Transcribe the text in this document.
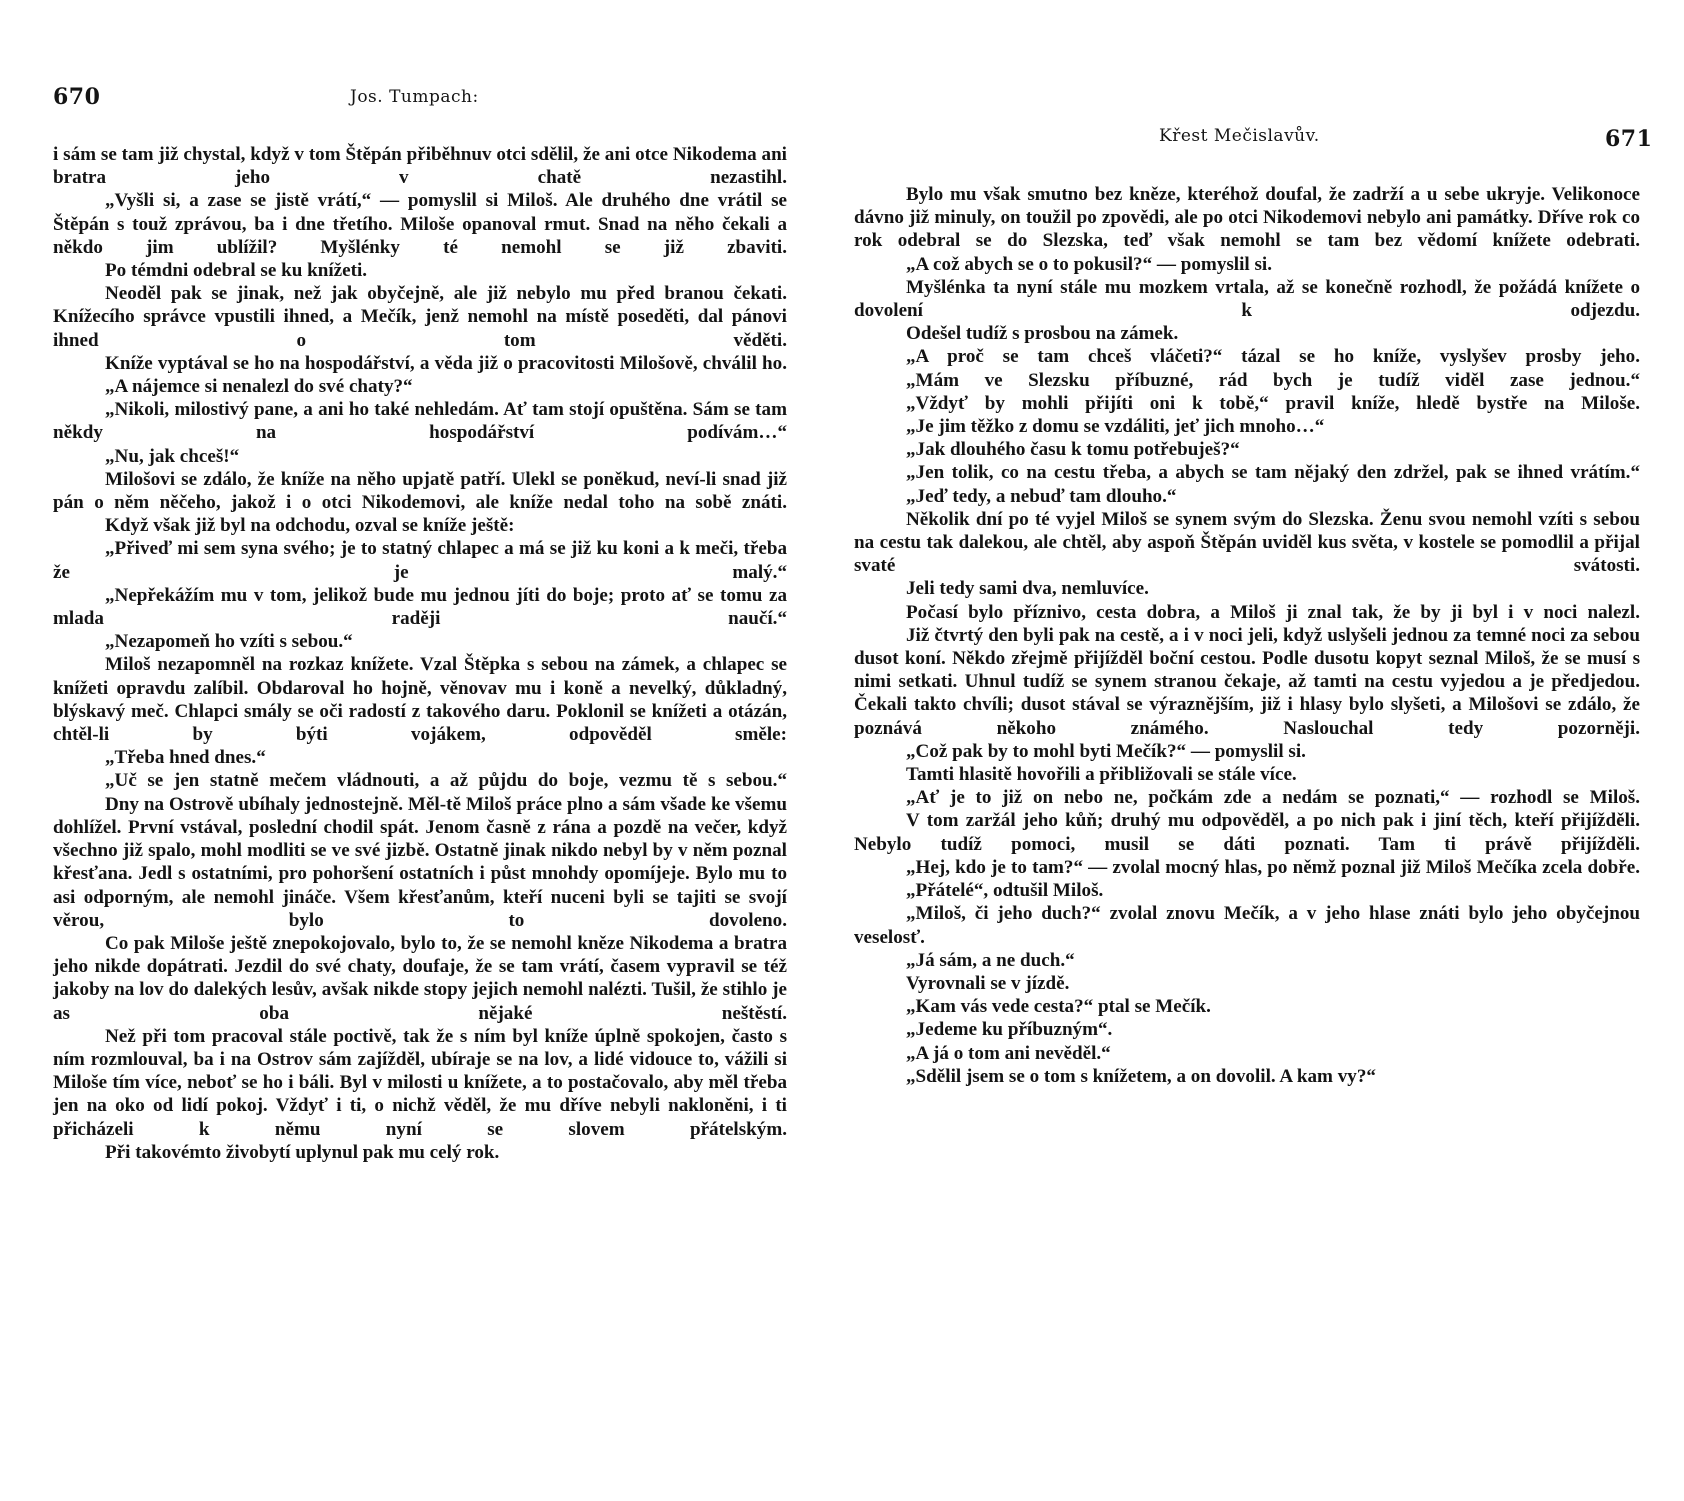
670	Jos. Tumpach:

i sám se tam již chystal, když v tom Štěpán přiběhnuv otci sdělil, že ani otce Nikodema ani bratra jeho v chatě nezastihl.

„Vyšli si, a zase se jistě vrátí,“ — pomyslil si Miloš. Ale druhého dne vrátil se Štěpán s touž zprávou, ba i dne třetího. Miloše opanoval rmut. Snad na něho čekali a někdo jim ublížil? Myšlénky té nemohl se již zbaviti.

Po témdni odebral se ku knížeti.

Neoděl pak se jinak, než jak obyčejně, ale již nebylo mu před branou čekati. Knížecího správce vpustili ihned, a Mečík, jenž nemohl na místě poseděti, dal pánovi ihned o tom věděti.

Kníže vyptával se ho na hospodářství, a věda již o pracovitosti Milošově, chválil ho.

„A nájemce si nenalezl do své chaty?“

„Nikoli, milostivý pane, a ani ho také nehledám. Ať tam stojí opuštěna. Sám se tam někdy na hospodářství podívám…“

„Nu, jak chceš!“

Milošovi se zdálo, že kníže na něho upjatě patří. Ulekl se poněkud, neví-li snad již pán o něm něčeho, jakož i o otci Nikodemovi, ale kníže nedal toho na sobě znáti.

Když však již byl na odchodu, ozval se kníže ještě:

„Přiveď mi sem syna svého; je to statný chlapec a má se již ku koni a k meči, třeba že je malý.“

„Nepřekážím mu v tom, jelikož bude mu jednou jíti do boje; proto ať se tomu za mlada raději naučí.“

„Nezapomeň ho vzíti s sebou.“

Miloš nezapomněl na rozkaz knížete. Vzal Štěpka s sebou na zámek, a chlapec se knížeti opravdu zalíbil. Obdaroval ho hojně, věnovav mu i koně a nevelký, důkladný, blýskavý meč. Chlapci smály se oči radostí z takového daru. Poklonil se knížeti a otázán, chtěl-li by býti vojákem, odpověděl směle:

„Třeba hned dnes.“

„Uč se jen statně mečem vládnouti, a až půjdu do boje, vezmu tě s sebou.“

Dny na Ostrově ubíhaly jednostejně. Měl-tě Miloš práce plno a sám všade ke všemu dohlížel. První vstával, poslední chodil spát. Jenom časně z rána a pozdě na večer, když všechno již spalo, mohl modliti se ve své jizbě. Ostatně jinak nikdo nebyl by v něm poznal křesťana. Jedl s ostatními, pro pohoršení ostatních i půst mnohdy opomíjeje. Bylo mu to asi odporným, ale nemohl jináče. Všem křesťanům, kteří nuceni byli se tajiti se svojí věrou, bylo to dovoleno.

Co pak Miloše ještě znepokojovalo, bylo to, že se nemohl kněze Nikodema a bratra jeho nikde dopátrati. Jezdil do své chaty, doufaje, že se tam vrátí, časem vypravil se též jakoby na lov do dalekých lesův, avšak nikde stopy jejich nemohl nalézti. Tušil, že stihlo je as oba nějaké neštěstí.

Než při tom pracoval stále poctivě, tak že s ním byl kníže úplně spokojen, často s ním rozmlouval, ba i na Ostrov sám zajížděl, ubíraje se na lov, a lidé vidouce to, vážili si Miloše tím více, neboť se ho i báli. Byl v milosti u knížete, a to postačovalo, aby měl třeba jen na oko od lidí pokoj. Vždyť i ti, o nichž věděl, že mu dříve nebyli nakloněni, i ti přicházeli k němu nyní se slovem přátelským.

Při takovémto živobytí uplynul pak mu celý rok.

Křest Mečislavův.	671

Bylo mu však smutno bez kněze, kteréhož doufal, že zadrží a u sebe ukryje. Velikonoce dávno již minuly, on toužil po zpovědi, ale po otci Nikodemovi nebylo ani památky. Dříve rok co rok odebral se do Slezska, teď však nemohl se tam bez vědomí knížete odebrati.

„A což abych se o to pokusil?“ — pomyslil si.

Myšlénka ta nyní stále mu mozkem vrtala, až se konečně rozhodl, že požádá knížete o dovolení k odjezdu.

Odešel tudíž s prosbou na zámek.

„A proč se tam chceš vláčeti?“ tázal se ho kníže, vyslyšev prosby jeho.

„Mám ve Slezsku příbuzné, rád bych je tudíž viděl zase jednou.“

„Vždyť by mohli přijíti oni k tobě,“ pravil kníže, hledě bystře na Miloše.

„Je jim těžko z domu se vzdáliti, jeť jich mnoho…“

„Jak dlouhého času k tomu potřebuješ?“

„Jen tolik, co na cestu třeba, a abych se tam nějaký den zdržel, pak se ihned vrátím.“

„Jeď tedy, a nebuď tam dlouho.“

Několik dní po té vyjel Miloš se synem svým do Slezska. Ženu svou nemohl vzíti s sebou na cestu tak dalekou, ale chtěl, aby aspoň Štěpán uviděl kus světa, v kostele se pomodlil a přijal svaté svátosti.

Jeli tedy sami dva, nemluvíce.

Počasí bylo příznivo, cesta dobra, a Miloš ji znal tak, že by ji byl i v noci nalezl.

Již čtvrtý den byli pak na cestě, a i v noci jeli, když uslyšeli jednou za temné noci za sebou dusot koní. Někdo zřejmě přijížděl boční cestou. Podle dusotu kopyt seznal Miloš, že se musí s nimi setkati. Uhnul tudíž se synem stranou čekaje, až tamti na cestu vyjedou a je předjedou. Čekali takto chvíli; dusot stával se výraznějším, již i hlasy bylo slyšeti, a Milošovi se zdálo, že poznává někoho známého. Naslouchal tedy pozorněji.

„Což pak by to mohl byti Mečík?“ — pomyslil si.

Tamti hlasitě hovořili a přibližovali se stále více.

„Ať je to již on nebo ne, počkám zde a nedám se poznati,“ — rozhodl se Miloš.

V tom zaržál jeho kůň; druhý mu odpověděl, a po nich pak i jiní těch, kteří přijížděli. Nebylo tudíž pomoci, musil se dáti poznati. Tam ti právě přijížděli.

„Hej, kdo je to tam?“ — zvolal mocný hlas, po němž poznal již Miloš Mečíka zcela dobře.

„Přátelé“, odtušil Miloš.

„Miloš, či jeho duch?“ zvolal znovu Mečík, a v jeho hlase znáti bylo jeho obyčejnou veselosť.

„Já sám, a ne duch.“

Vyrovnali se v jízdě.

„Kam vás vede cesta?“ ptal se Mečík.

„Jedeme ku příbuzným“.

„A já o tom ani nevěděl.“

„Sdělil jsem se o tom s knížetem, a on dovolil. A kam vy?“
